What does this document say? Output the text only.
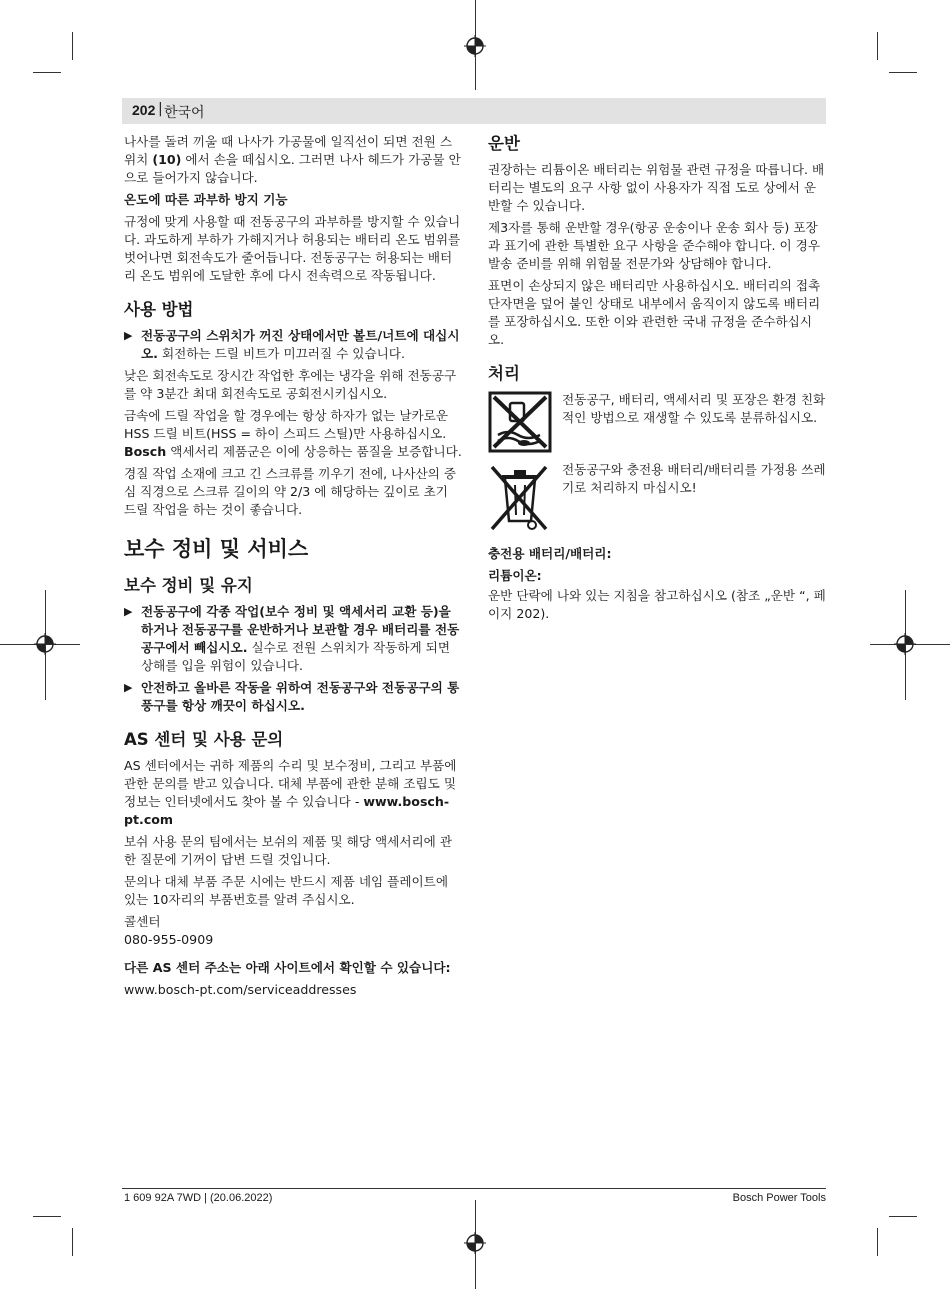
202 | 한국어

나사를 돌려 끼울 때 나사가 가공물에 일직선이 되면 전원 스위치 (10) 에서 손을 떼십시오. 그러면 나사 헤드가 가공물 안으로 들어가지 않습니다.

온도에 따른 과부하 방지 기능

규정에 맞게 사용할 때 전동공구의 과부하를 방지할 수 있습니다. 과도하게 부하가 가해지거나 허용되는 배터리 온도 범위를 벗어나면 회전속도가 줄어듭니다. 전동공구는 허용되는 배터리 온도 범위에 도달한 후에 다시 전속력으로 작동됩니다.

사용 방법
▶ 전동공구의 스위치가 꺼진 상태에서만 볼트/너트에 대십시오. 회전하는 드릴 비트가 미끄러질 수 있습니다.

낮은 회전속도로 장시간 작업한 후에는 냉각을 위해 전동공구를 약 3분간 최대 회전속도로 공회전시키십시오.

금속에 드릴 작업을 할 경우에는 항상 하자가 없는 날카로운 HSS 드릴 비트(HSS = 하이 스피드 스틸)만 사용하십시오. Bosch 액세서리 제품군은 이에 상응하는 품질을 보증합니다.

경질 작업 소재에 크고 긴 스크류를 끼우기 전에, 나사산의 중심 직경으로 스크류 길이의 약 2/3 에 해당하는 깊이로 초기 드릴 작업을 하는 것이 좋습니다.

보수 정비 및 서비스
보수 정비 및 유지
▶ 전동공구에 각종 작업(보수 정비 및 액세서리 교환 등)을 하거나 전동공구를 운반하거나 보관할 경우 배터리를 전동공구에서 빼십시오. 실수로 전원 스위치가 작동하게 되면 상해를 입을 위험이 있습니다.
▶ 안전하고 올바른 작동을 위하여 전동공구와 전동공구의 통풍구를 항상 깨끗이 하십시오.
AS 센터 및 사용 문의

AS 센터에서는 귀하 제품의 수리 및 보수정비, 그리고 부품에 관한 문의를 받고 있습니다. 대체 부품에 관한 분해 조립도 및 정보는 인터넷에서도 찾아 볼 수 있습니다 - www.bosch-pt.com

보쉬 사용 문의 팀에서는 보쉬의 제품 및 해당 액세서리에 관한 질문에 기꺼이 답변 드릴 것입니다.

문의나 대체 부품 주문 시에는 반드시 제품 네임 플레이트에 있는 10자리의 부품번호를 알려 주십시오.

콜센터

080-955-0909

다른 AS 센터 주소는 아래 사이트에서 확인할 수 있습니다:

www.bosch-pt.com/serviceaddresses

운반

권장하는 리튬이온 배터리는 위험물 관련 규정을 따릅니다. 배터리는 별도의 요구 사항 없이 사용자가 직접 도로 상에서 운반할 수 있습니다.

제3자를 통해 운반할 경우(항공 운송이나 운송 회사 등) 포장과 표기에 관한 특별한 요구 사항을 준수해야 합니다. 이 경우 발송 준비를 위해 위험물 전문가와 상담해야 합니다.

표면이 손상되지 않은 배터리만 사용하십시오. 배터리의 접촉 단자면을 덮어 붙인 상태로 내부에서 움직이지 않도록 배터리를 포장하십시오. 또한 이와 관련한 국내 규정을 준수하십시오.

처리
전동공구, 배터리, 액세서리 및 포장은 환경 친화적인 방법으로 재생할 수 있도록 분류하십시오.
전동공구와 충전용 배터리/배터리를 가정용 쓰레기로 처리하지 마십시오!

충전용 배터리/배터리:

리튬이온:

운반 단락에 나와 있는 지침을 참고하십시오 (참조 „운반 “, 페이지 202).

1 609 92A 7WD | (20.06.2022)	Bosch Power Tools
